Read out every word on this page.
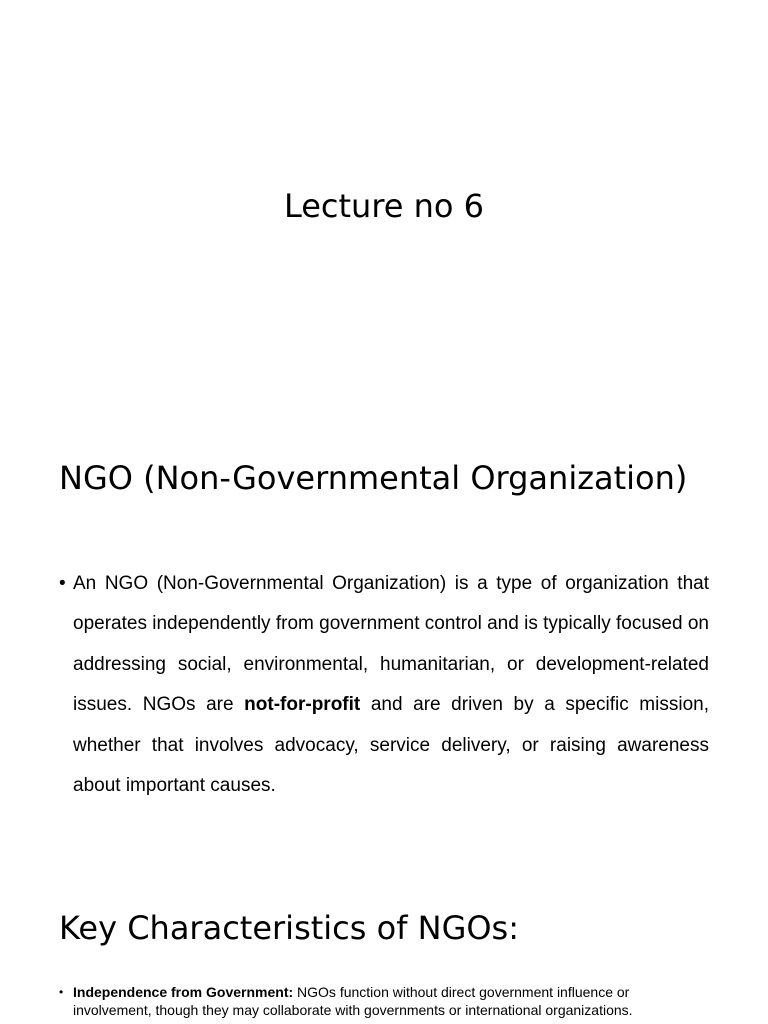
Lecture no 6
NGO (Non-Governmental Organization)
• An NGO (Non-Governmental Organization) is a type of organization that operates independently from government control and is typically focused on addressing social, environmental, humanitarian, or development-related issues. NGOs are not-for-profit and are driven by a specific mission, whether that involves advocacy, service delivery, or raising awareness about important causes.

Key Characteristics of NGOs:
• Independence from Government: NGOs function without direct government influence or involvement, though they may collaborate with governments or international organizations.
